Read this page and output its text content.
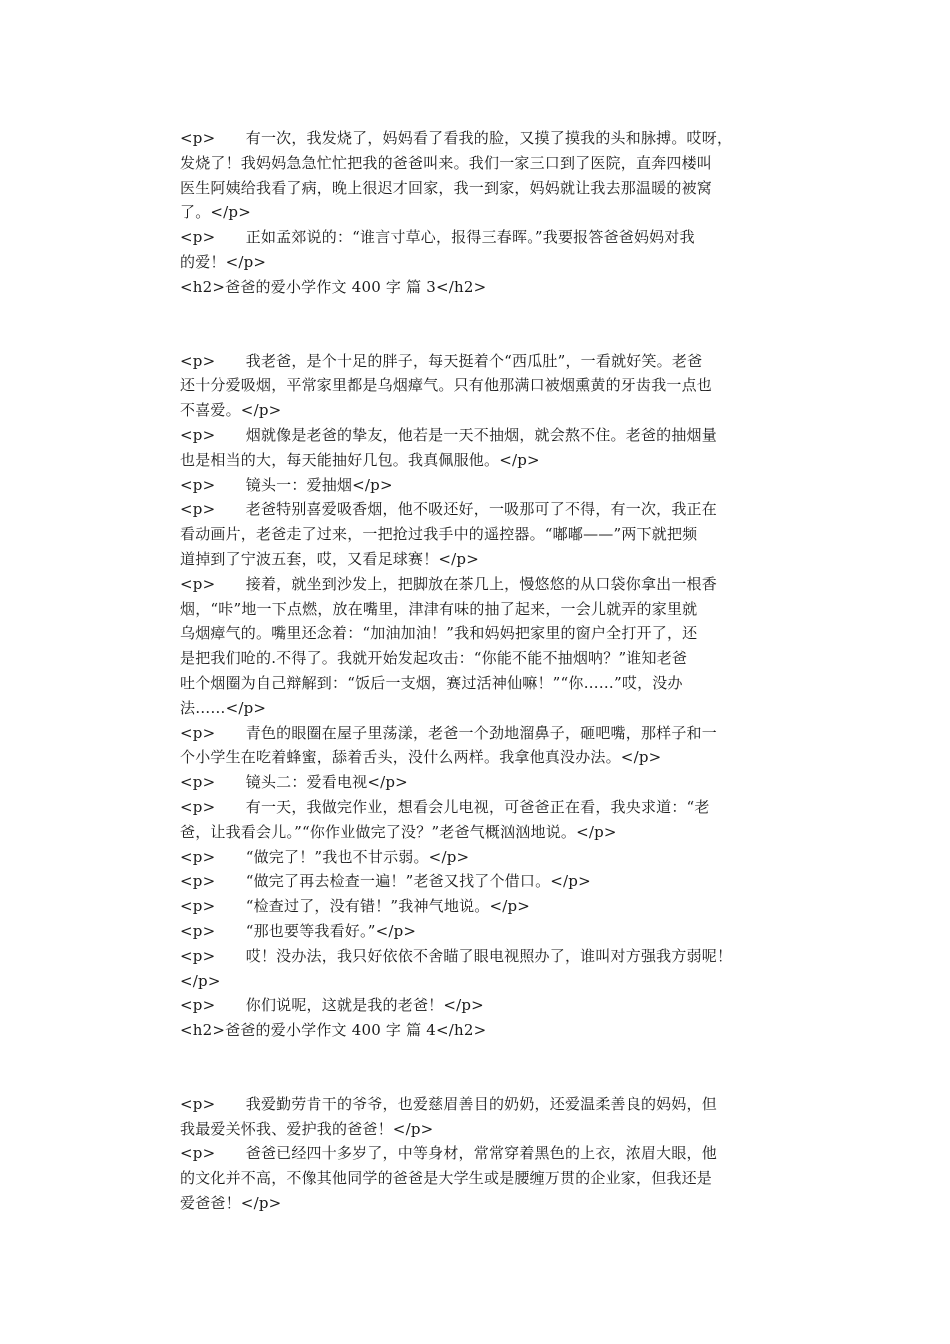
<p>　　有一次，我发烧了，妈妈看了看我的脸，又摸了摸我的头和脉搏。哎呀，
发烧了！我妈妈急急忙忙把我的爸爸叫来。我们一家三口到了医院，直奔四楼叫
医生阿姨给我看了病，晚上很迟才回家，我一到家，妈妈就让我去那温暖的被窝
了。</p>
<p>　　正如孟郊说的：“谁言寸草心，报得三春晖。”我要报答爸爸妈妈对我
的爱！</p>
<h2>爸爸的爱小学作文 400 字 篇 3</h2>
<p>　　我老爸，是个十足的胖子，每天挺着个“西瓜肚”，一看就好笑。老爸
还十分爱吸烟，平常家里都是乌烟瘴气。只有他那满口被烟熏黄的牙齿我一点也
不喜爱。</p>
<p>　　烟就像是老爸的挚友，他若是一天不抽烟，就会熬不住。老爸的抽烟量
也是相当的大，每天能抽好几包。我真佩服他。</p>
<p>　　镜头一：爱抽烟</p>
<p>　　老爸特别喜爱吸香烟，他不吸还好，一吸那可了不得，有一次，我正在
看动画片，老爸走了过来，一把抢过我手中的遥控器。“嘟嘟——”两下就把频
道掉到了宁波五套，哎，又看足球赛！</p>
<p>　　接着，就坐到沙发上，把脚放在茶几上，慢悠悠的从口袋你拿出一根香
烟，“咔”地一下点燃，放在嘴里，津津有味的抽了起来，一会儿就弄的家里就
乌烟瘴气的。嘴里还念着：“加油加油！”我和妈妈把家里的窗户全打开了，还
是把我们呛的.不得了。我就开始发起攻击：“你能不能不抽烟呐？”谁知老爸
吐个烟圈为自己辩解到：“饭后一支烟，赛过活神仙嘛！”“你……”哎，没办
法……</p>
<p>　　青色的眼圈在屋子里荡漾，老爸一个劲地溜鼻子，砸吧嘴，那样子和一
个小学生在吃着蜂蜜，舔着舌头，没什么两样。我拿他真没办法。</p>
<p>　　镜头二：爱看电视</p>
<p>　　有一天，我做完作业，想看会儿电视，可爸爸正在看，我央求道：“老
爸，让我看会儿。”“你作业做完了没？”老爸气概汹汹地说。</p>
<p>　　“做完了！”我也不甘示弱。</p>
<p>　　“做完了再去检查一遍！”老爸又找了个借口。</p>
<p>　　“检查过了，没有错！”我神气地说。</p>
<p>　　“那也要等我看好。”</p>
<p>　　哎！没办法，我只好依依不舍瞄了眼电视照办了，谁叫对方强我方弱呢！
</p>
<p>　　你们说呢，这就是我的老爸！</p>
<h2>爸爸的爱小学作文 400 字 篇 4</h2>
<p>　　我爱勤劳肯干的爷爷，也爱慈眉善目的奶奶，还爱温柔善良的妈妈，但
我最爱关怀我、爱护我的爸爸！</p>
<p>　　爸爸已经四十多岁了，中等身材，常常穿着黑色的上衣，浓眉大眼，他
的文化并不高，不像其他同学的爸爸是大学生或是腰缠万贯的企业家，但我还是
爱爸爸！</p>
